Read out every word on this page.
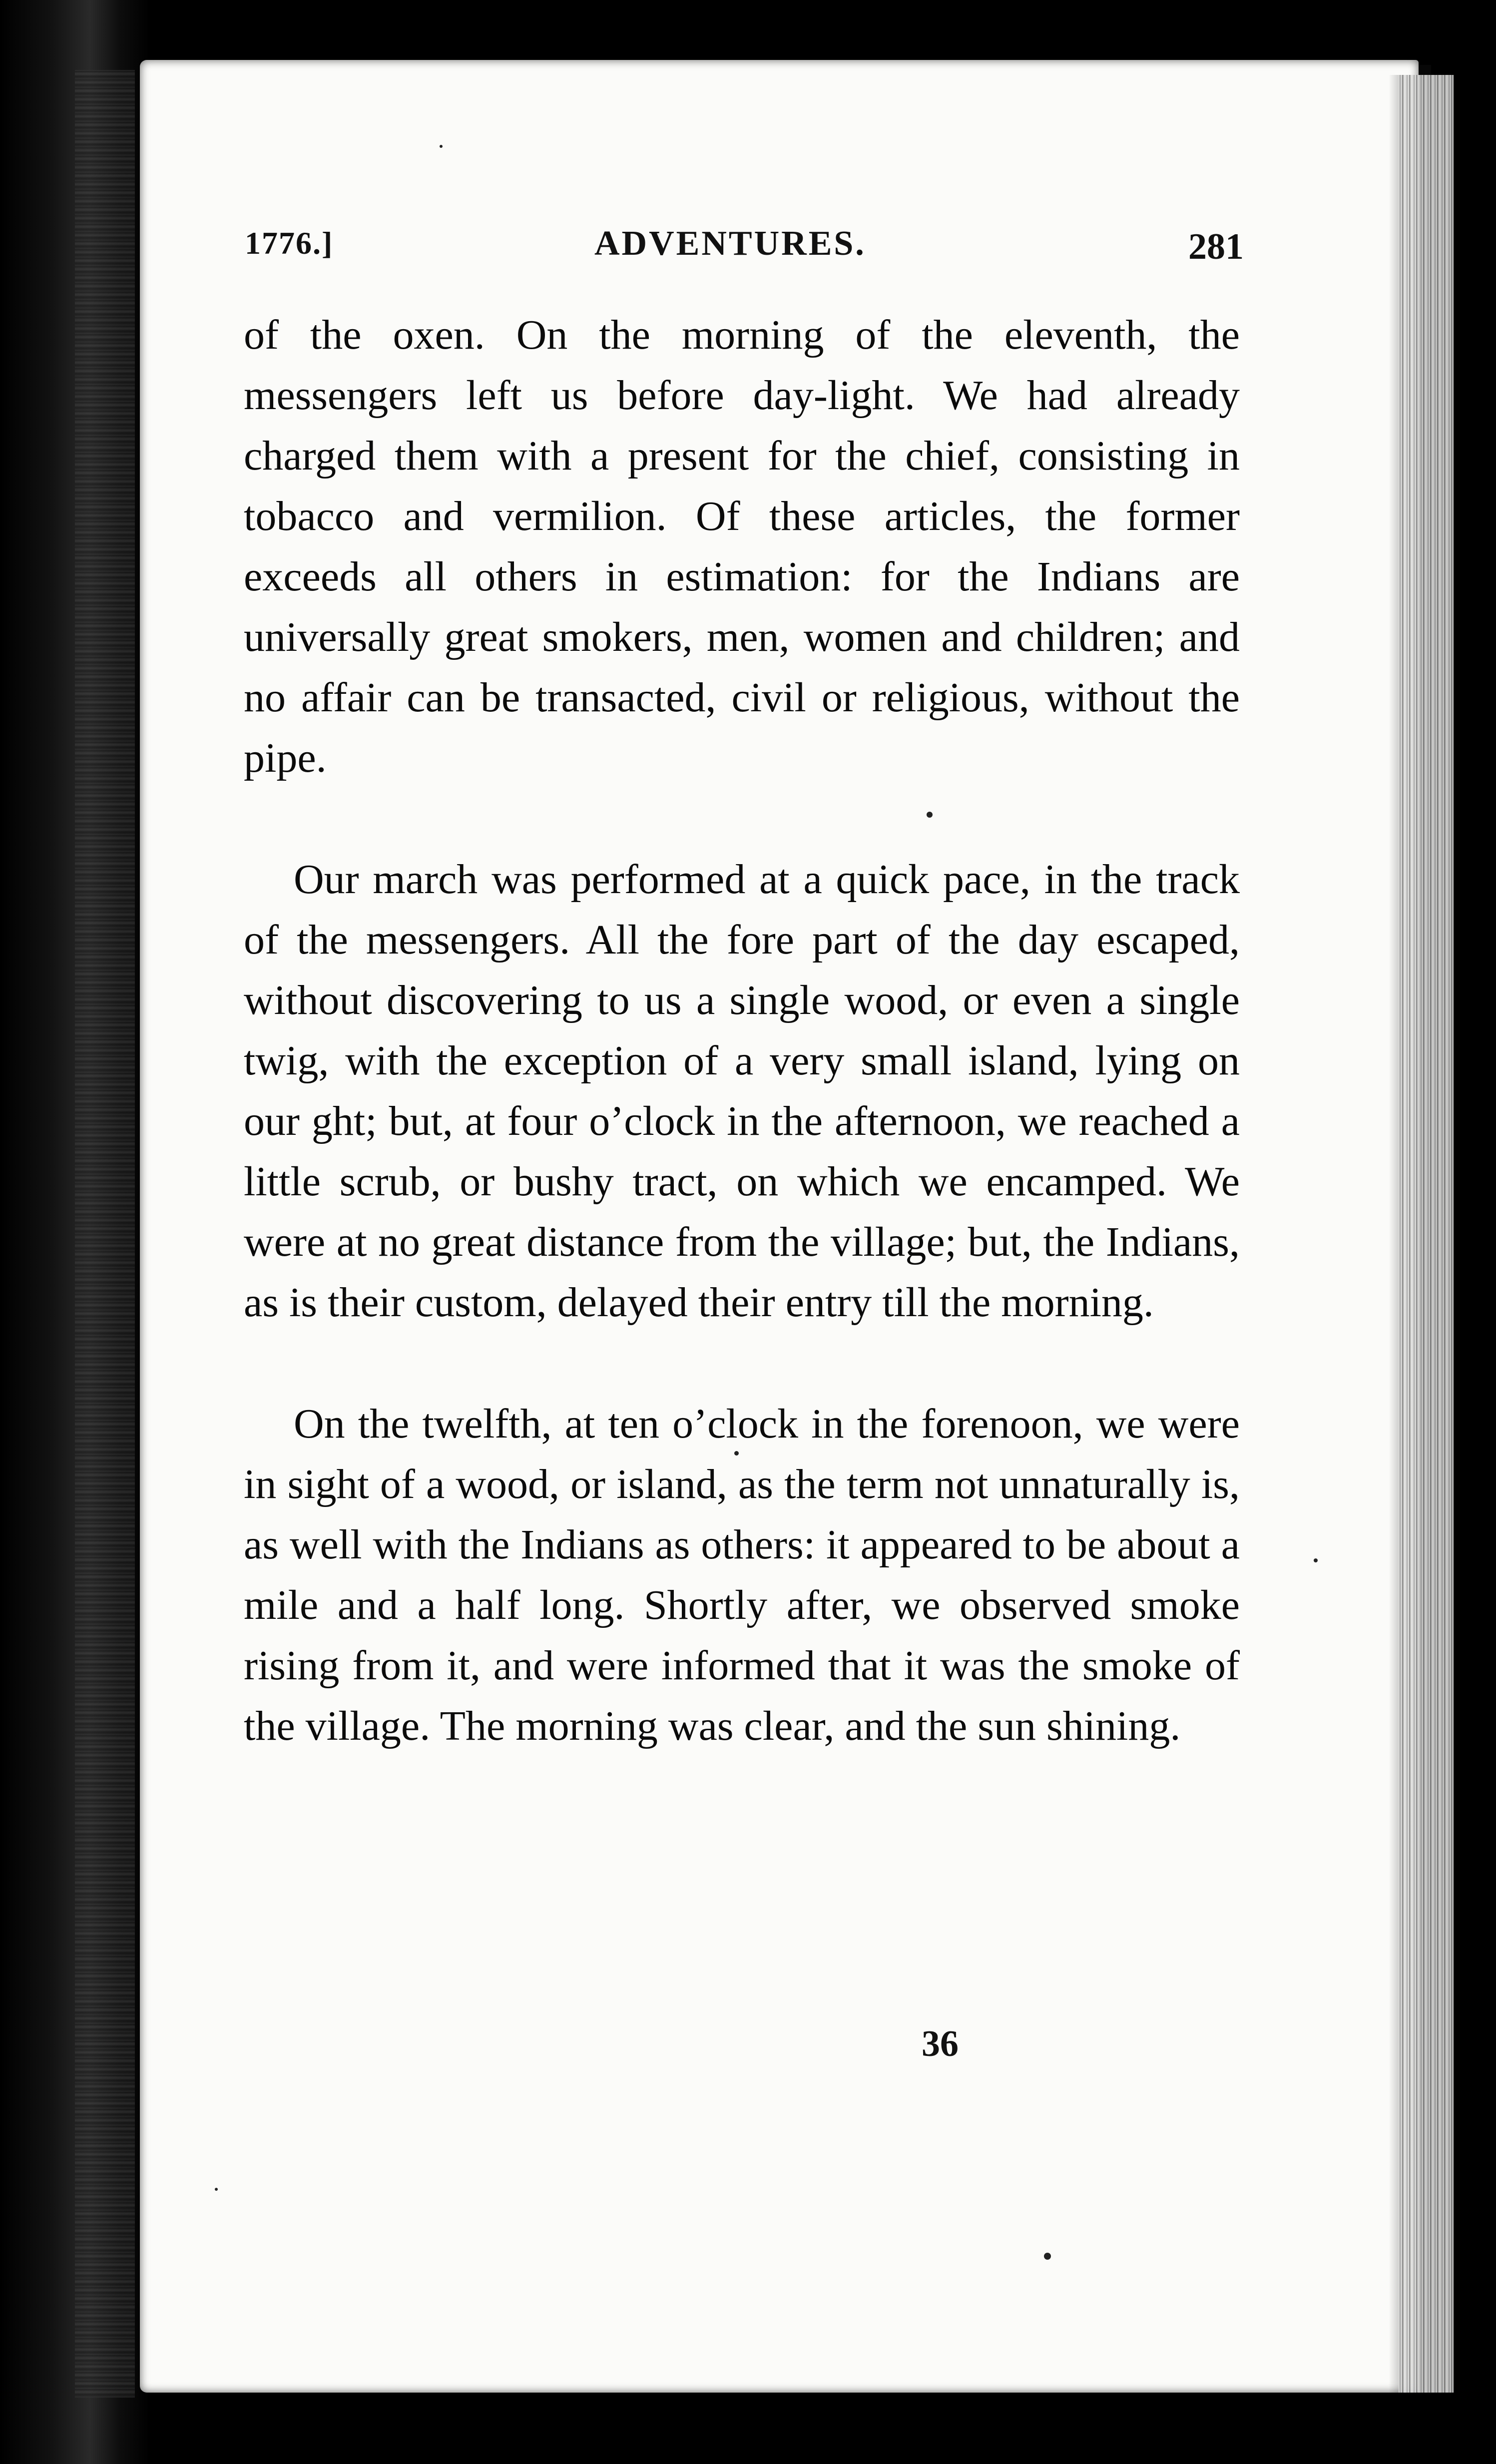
1776.]	ADVENTURES.	281

of the oxen. On the morning of the eleventh, the messengers left us before day-light. We had already charged them with a present for the chief, consisting in tobacco and vermilion. Of these articles, the former exceeds all others in estimation: for the Indians are universally great smokers, men, women and children; and no affair can be transacted, civil or religious, without the pipe.

Our march was performed at a quick pace, in the track of the messengers. All the fore part of the day escaped, without discovering to us a single wood, or even a single twig, with the exception of a very small island, lying on our ght; but, at four o’clock in the afternoon, we reached a little scrub, or bushy tract, on which we encamped. We were at no great distance from the village; but, the Indians, as is their custom, delayed their entry till the morning.

On the twelfth, at ten o’clock in the forenoon, we were in sight of a wood, or island, as the term not unnaturally is, as well with the Indians as others: it appeared to be about a mile and a half long. Shortly after, we observed smoke rising from it, and were informed that it was the smoke of the village. The morning was clear, and the sun shining.

36
